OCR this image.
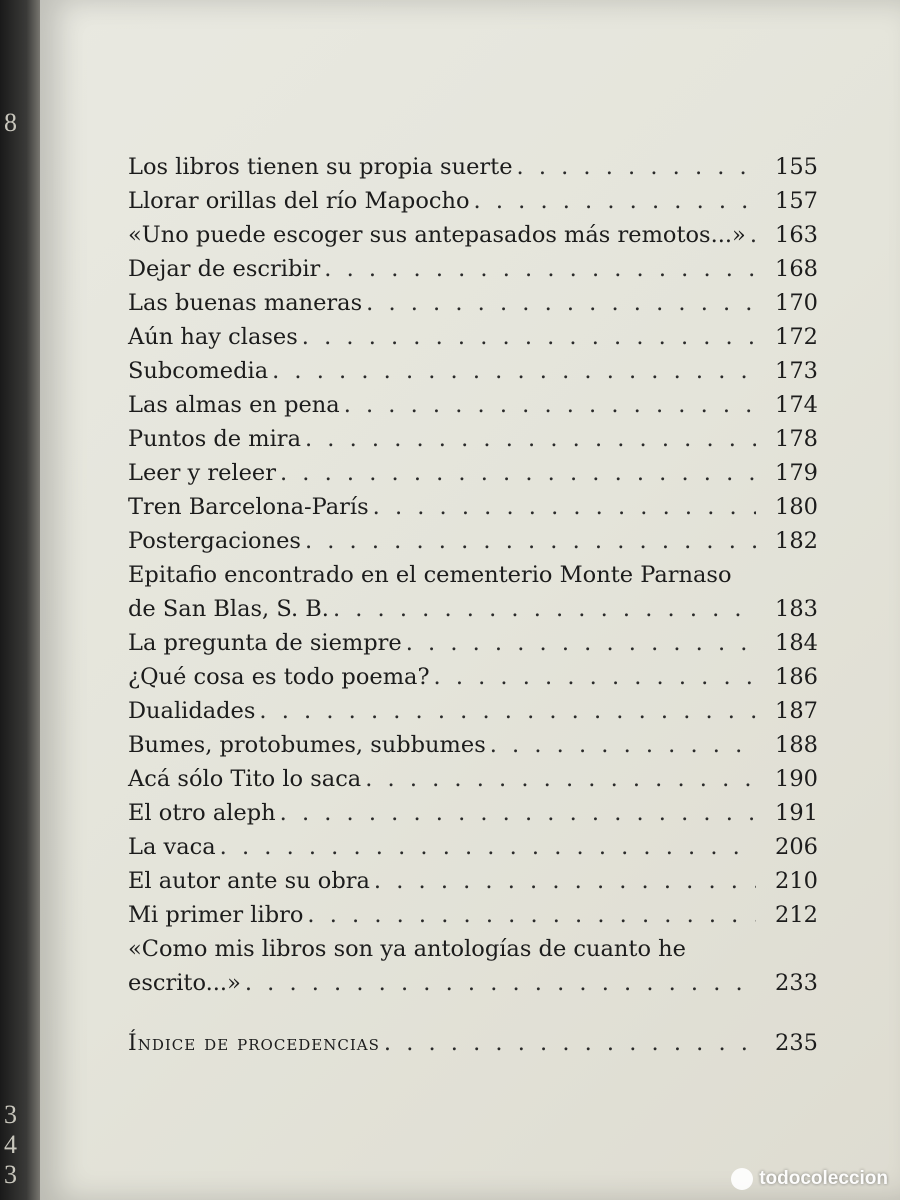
8
3
4
3
Los libros tienen su propia suerte . . .	155
Llorar orillas del río Mapocho . . .	157
«Uno puede escoger sus antepasados más remotos...» . . . 163
Dejar de escribir . . .	168
Las buenas maneras . . .	170
Aún hay clases . . .	172
Subcomedia . . .	173
Las almas en pena . . .	174
Puntos de mira . . .	178
Leer y releer . . .	179
Tren Barcelona-París . . .	180
Postergaciones . . .	182
Epitafio encontrado en el cementerio Monte Parnaso
de San Blas, S. B. . . .	183
La pregunta de siempre . . .	184
¿Qué cosa es todo poema? . . .	186
Dualidades . . .	187
Bumes, protobumes, subbumes . . .	188
Acá sólo Tito lo saca . . .	190
El otro aleph . . .	191
La vaca . . .	206
El autor ante su obra . . .	210
Mi primer libro . . .	212
«Como mis libros son ya antologías de cuanto he
escrito...» . . .	233
Índice de procedencias . . .	235
todocoleccion
